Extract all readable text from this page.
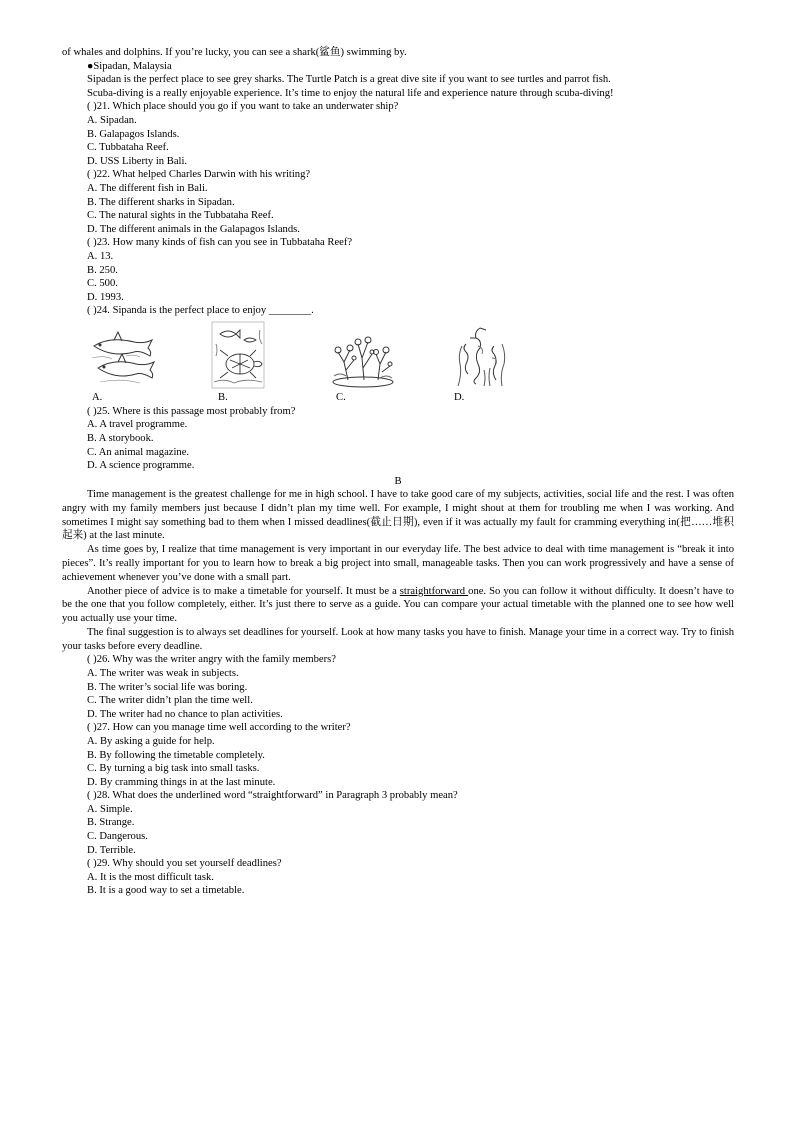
of whales and dolphins. If you’re lucky, you can see a shark(鲨鱼) swimming by.
●Sipadan, Malaysia
Sipadan is the perfect place to see grey sharks. The Turtle Patch is a great dive site if you want to see turtles and parrot fish.
Scuba-diving is a really enjoyable experience. It’s time to enjoy the natural life and experience nature through scuba-diving!
( )21. Which place should you go if you want to take an underwater ship?
A. Sipadan.
B. Galapagos Islands.
C. Tubbataha Reef.
D. USS Liberty in Bali.
( )22. What helped Charles Darwin with his writing?
A. The different fish in Bali.
B. The different sharks in Sipadan.
C. The natural sights in the Tubbataha Reef.
D. The different animals in the Galapagos Islands.
( )23. How many kinds of fish can you see in Tubbataha Reef?
A. 13.
B. 250.
C. 500.
D. 1993.
( )24. Sipanda is the perfect place to enjoy ________.
A.	B.	C.	D.
( )25. Where is this passage most probably from?
A. A travel programme.
B. A storybook.
C. An animal magazine.
D. A science programme.
B
Time management is the greatest challenge for me in high school. I have to take good care of my subjects, activities, social life and the rest. I was often angry with my family members just because I didn’t plan my time well. For example, I might shout at them for troubling me when I was working. And sometimes I might say something bad to them when I missed deadlines(截止日期), even if it was actually my fault for cramming everything in(把……堆积起来) at the last minute.
As time goes by, I realize that time management is very important in our everyday life. The best advice to deal with time management is “break it into pieces”. It’s really important for you to learn how to break a big project into small, manageable tasks. Then you can work progressively and have a sense of achievement whenever you’ve done with a small part.
Another piece of advice is to make a timetable for yourself. It must be a straightforward one. So you can follow it without difficulty. It doesn’t have to be the one that you follow completely, either. It’s just there to serve as a guide. You can compare your actual timetable with the planned one to see how well you actually use your time.
The final suggestion is to always set deadlines for yourself. Look at how many tasks you have to finish. Manage your time in a correct way. Try to finish your tasks before every deadline.
( )26. Why was the writer angry with the family members?
A. The writer was weak in subjects.
B. The writer’s social life was boring.
C. The writer didn’t plan the time well.
D. The writer had no chance to plan activities.
( )27. How can you manage time well according to the writer?
A. By asking a guide for help.
B. By following the timetable completely.
C. By turning a big task into small tasks.
D. By cramming things in at the last minute.
( )28. What does the underlined word “straightforward” in Paragraph 3 probably mean?
A. Simple.
B. Strange.
C. Dangerous.
D. Terrible.
( )29. Why should you set yourself deadlines?
A. It is the most difficult task.
B. It is a good way to set a timetable.
